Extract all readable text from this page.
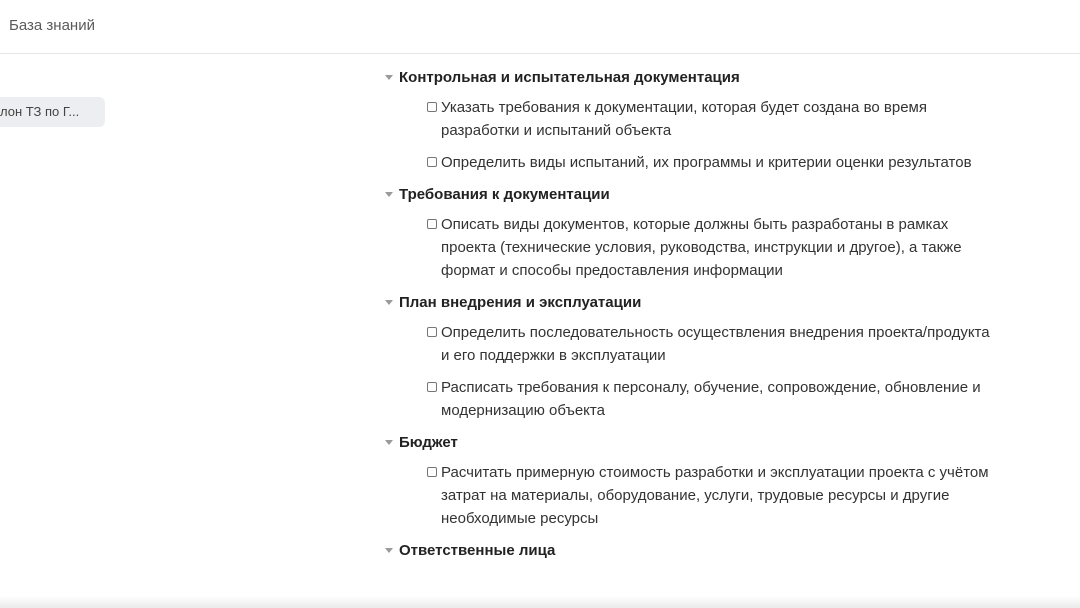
База знаний
лон ТЗ по Г...
Контрольная и испытательная документация
Указать требования к документации, которая будет создана во время разработки и испытаний объекта
Определить виды испытаний, их программы и критерии оценки результатов
Требования к документации
Описать виды документов, которые должны быть разработаны в рамках проекта (технические условия, руководства, инструкции и другое), а также формат и способы предоставления информации
План внедрения и эксплуатации
Определить последовательность осуществления внедрения проекта/продукта и его поддержки в эксплуатации
Расписать требования к персоналу, обучение, сопровождение, обновление и модернизацию объекта
Бюджет
Расчитать примерную стоимость разработки и эксплуатации проекта с учётом затрат на материалы, оборудование, услуги, трудовые ресурсы и другие необходимые ресурсы
Ответственные лица
